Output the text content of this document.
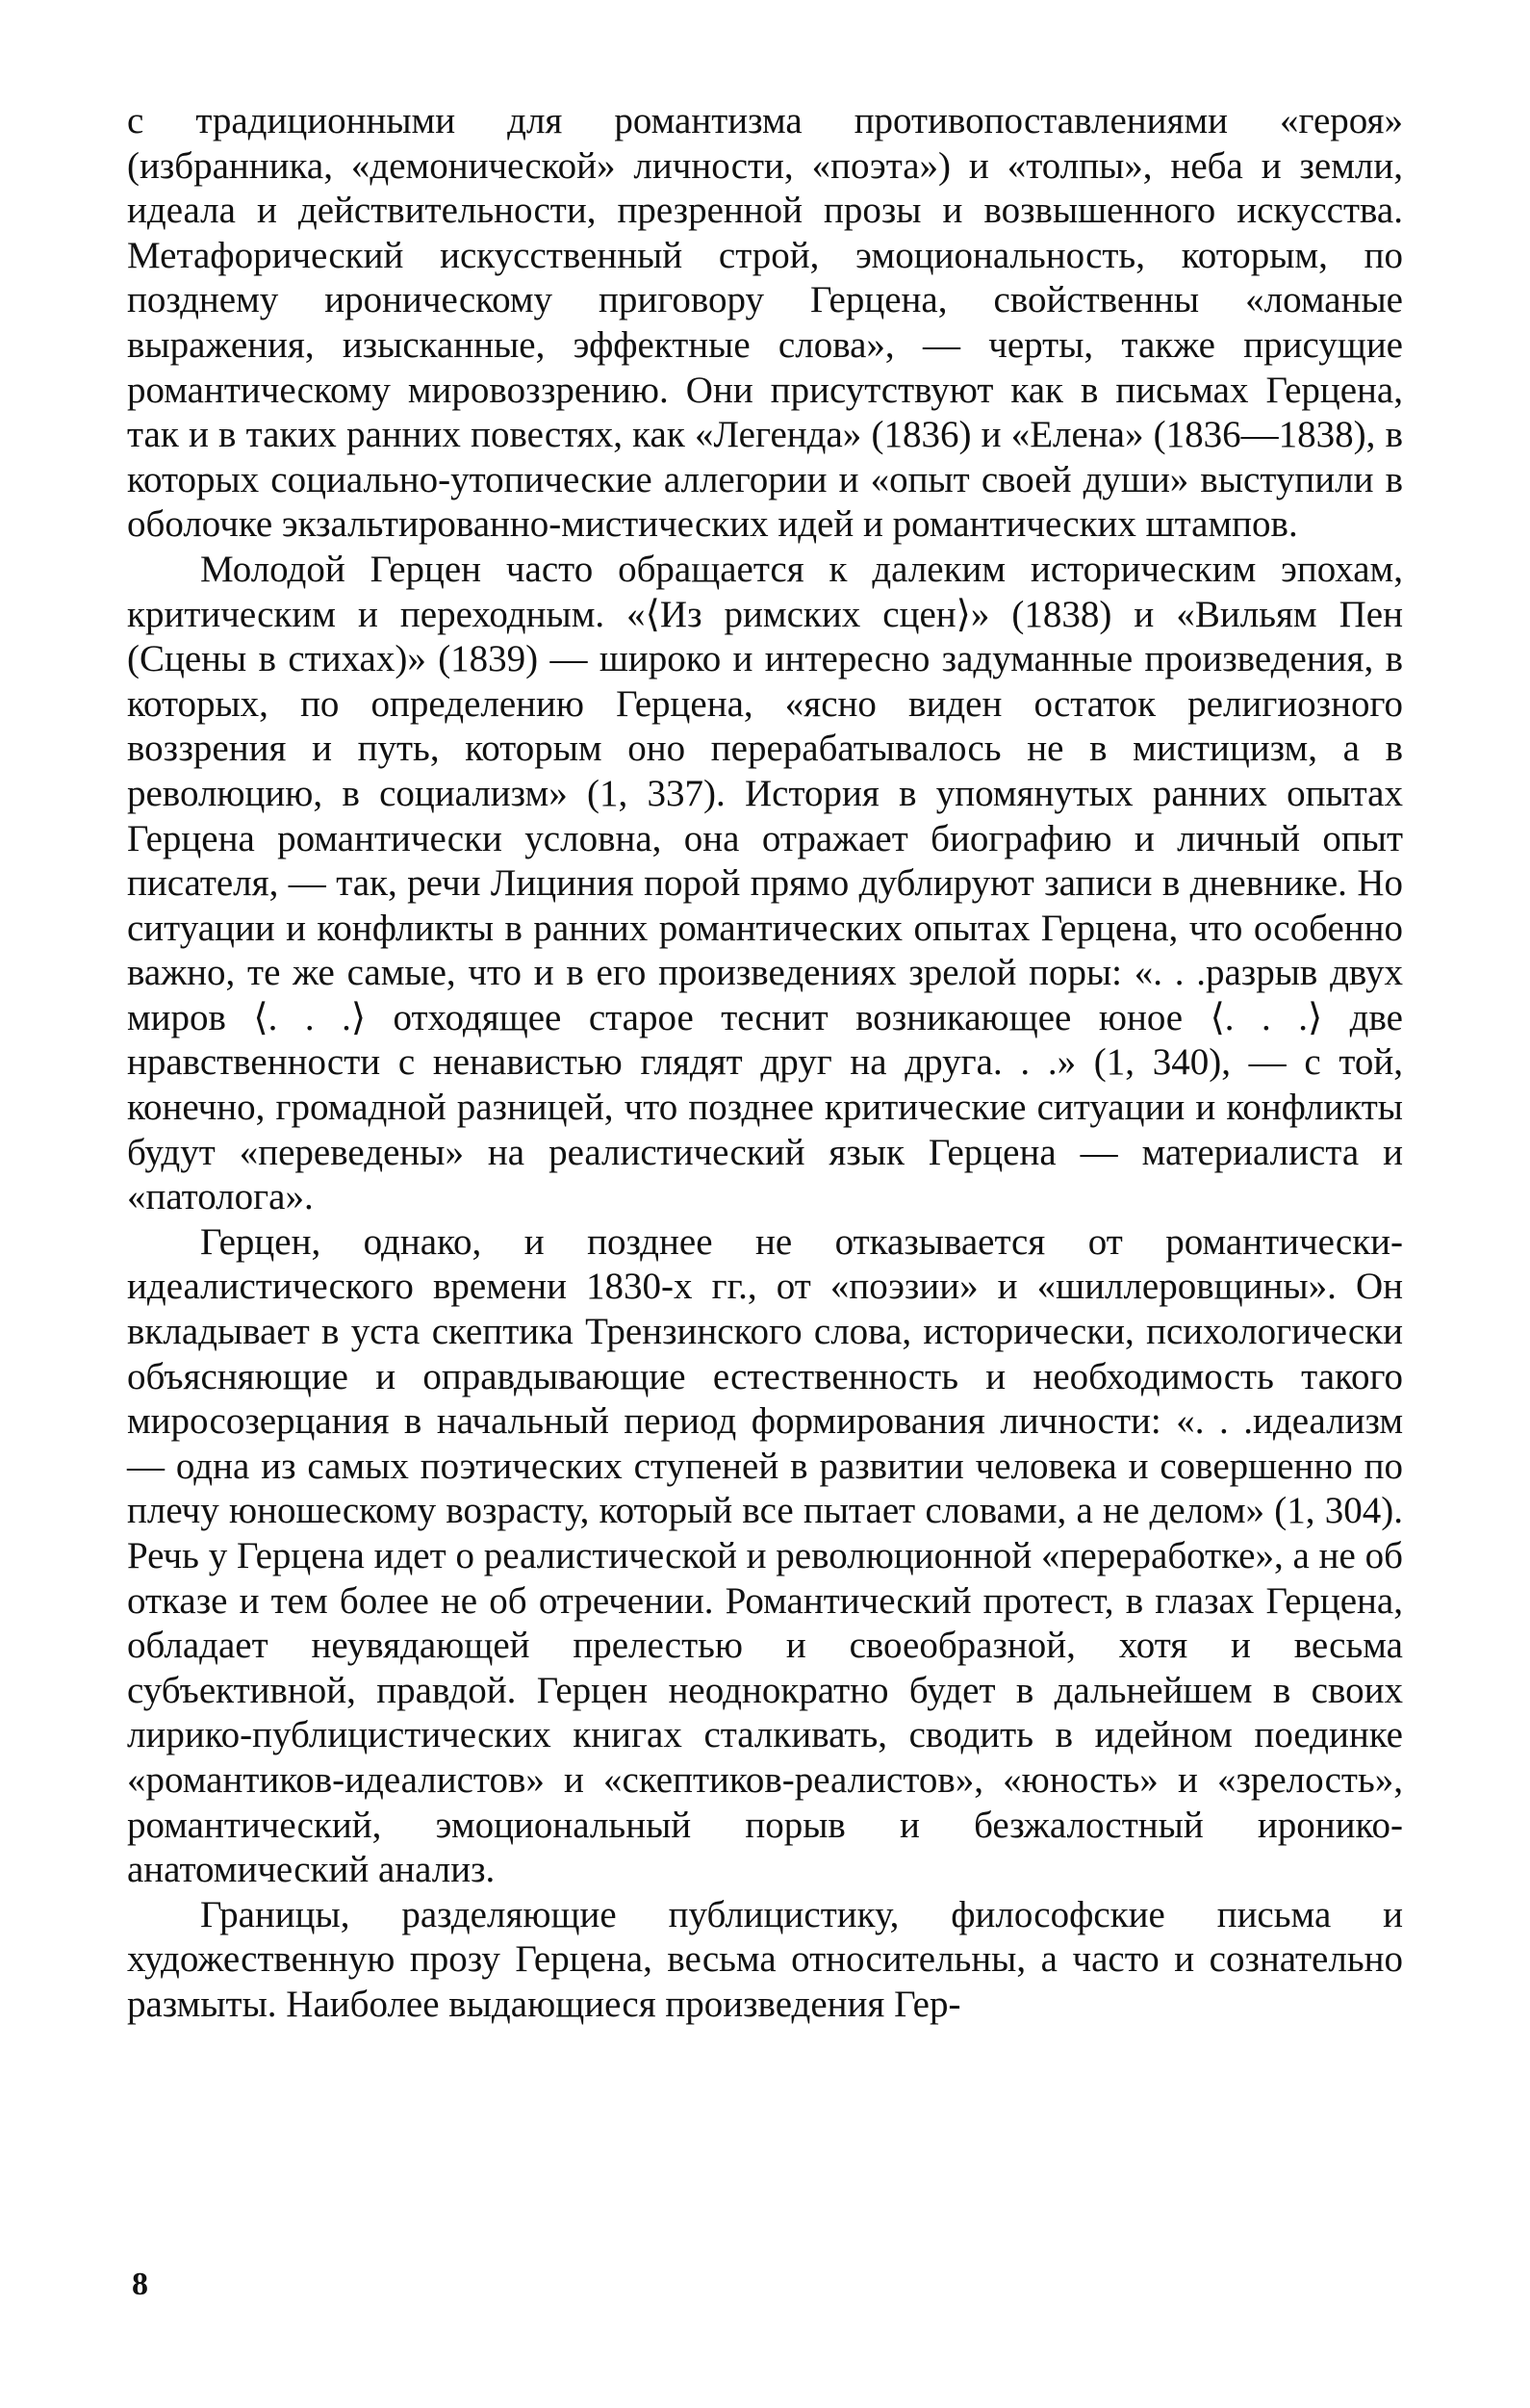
с традиционными для романтизма противопоставлениями «героя» (избранника, «демонической» личности, «поэта») и «толпы», неба и земли, идеала и действительности, презренной прозы и возвышенного искусства. Метафорический искусственный строй, эмоциональность, которым, по позднему ироническому приговору Герцена, свойственны «ломаные выражения, изысканные, эффектные слова», — черты, также присущие романтическому мировоззрению. Они присутствуют как в письмах Герцена, так и в таких ранних повестях, как «Легенда» (1836) и «Елена» (1836—1838), в которых социально-утопические аллегории и «опыт своей души» выступили в оболочке экзальтированно-мистических идей и романтических штампов.

Молодой Герцен часто обращается к далеким историческим эпохам, критическим и переходным. «⟨Из римских сцен⟩» (1838) и «Вильям Пен (Сцены в стихах)» (1839) — широко и интересно задуманные произведения, в которых, по определению Герцена, «ясно виден остаток религиозного воззрения и путь, которым оно перерабатывалось не в мистицизм, а в революцию, в социализм» (1, 337). История в упомянутых ранних опытах Герцена романтически условна, она отражает биографию и личный опыт писателя, — так, речи Лициния порой прямо дублируют записи в дневнике. Но ситуации и конфликты в ранних романтических опытах Герцена, что особенно важно, те же самые, что и в его произведениях зрелой поры: «. . .разрыв двух миров ⟨. . .⟩ отходящее старое теснит возникающее юное ⟨. . .⟩ две нравственности с ненавистью глядят друг на друга. . .» (1, 340), — с той, конечно, громадной разницей, что позднее критические ситуации и конфликты будут «переведены» на реалистический язык Герцена — материалиста и «патолога».

Герцен, однако, и позднее не отказывается от романтически-идеалистического времени 1830-х гг., от «поэзии» и «шиллеровщины». Он вкладывает в уста скептика Трензинского слова, исторически, психологически объясняющие и оправдывающие естественность и необходимость такого миросозерцания в начальный период формирования личности: «. . .идеализм — одна из самых поэтических ступеней в развитии человека и совершенно по плечу юношескому возрасту, который все пытает словами, а не делом» (1, 304). Речь у Герцена идет о реалистической и революционной «переработке», а не об отказе и тем более не об отречении. Романтический протест, в глазах Герцена, обладает неувядающей прелестью и своеобразной, хотя и весьма субъективной, правдой. Герцен неоднократно будет в дальнейшем в своих лирико-публицистических книгах сталкивать, сводить в идейном поединке «романтиков-идеалистов» и «скептиков-реалистов», «юность» и «зрелость», романтический, эмоциональный порыв и безжалостный иронико-анатомический анализ.

Границы, разделяющие публицистику, философские письма и художественную прозу Герцена, весьма относительны, а часто и сознательно размыты. Наиболее выдающиеся произведения Гер-

8
